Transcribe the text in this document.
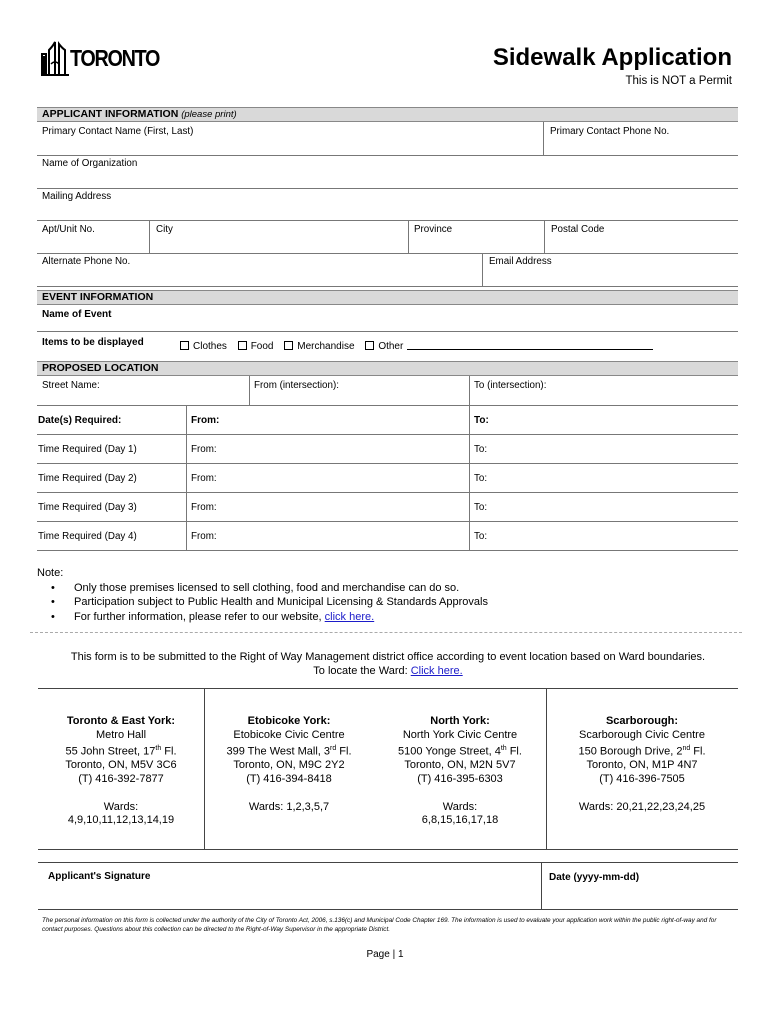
TORONTO	Sidewalk Application
This is NOT a Permit
APPLICANT INFORMATION (please print)
Primary Contact Name (First, Last)	Primary Contact Phone No.
Name of Organization
Mailing Address
Apt/Unit No.	City	Province	Postal Code
Alternate Phone No.	Email Address
EVENT INFORMATION
Name of Event
Items to be displayed	Clothes Food Merchandise Other
PROPOSED LOCATION
Street Name:	From (intersection):	To (intersection):
Date(s) Required:	From:	To:
Time Required (Day 1)	From:	To:
Time Required (Day 2)	From:	To:
Time Required (Day 3)	From:	To:
Time Required (Day 4)	From:	To:
Note:
• Only those premises licensed to sell clothing, food and merchandise can do so.
• Participation subject to Public Health and Municipal Licensing & Standards Approvals
• For further information, please refer to our website, click here.
This form is to be submitted to the Right of Way Management district office according to event location based on Ward boundaries.
To locate the Ward: Click here.
Toronto & East York:
Metro Hall
55 John Street, 17th Fl.
Toronto, ON, M5V 3C6
(T) 416-392-7877
Wards:
4,9,10,11,12,13,14,19
Etobicoke York:
Etobicoke Civic Centre
399 The West Mall, 3rd Fl.
Toronto, ON, M9C 2Y2
(T) 416-394-8418
Wards: 1,2,3,5,7
North York:
North York Civic Centre
5100 Yonge Street, 4th Fl.
Toronto, ON, M2N 5V7
(T) 416-395-6303
Wards:
6,8,15,16,17,18
Scarborough:
Scarborough Civic Centre
150 Borough Drive, 2nd Fl.
Toronto, ON, M1P 4N7
(T) 416-396-7505
Wards: 20,21,22,23,24,25
Applicant's Signature	Date (yyyy-mm-dd)
The personal information on this form is collected under the authority of the City of Toronto Act, 2006, s.136(c) and Municipal Code Chapter 169. The information is used to evaluate your application work within the public right-of-way and for contact purposes. Questions about this collection can be directed to the Right-of-Way Supervisor in the appropriate District.
Page | 1
